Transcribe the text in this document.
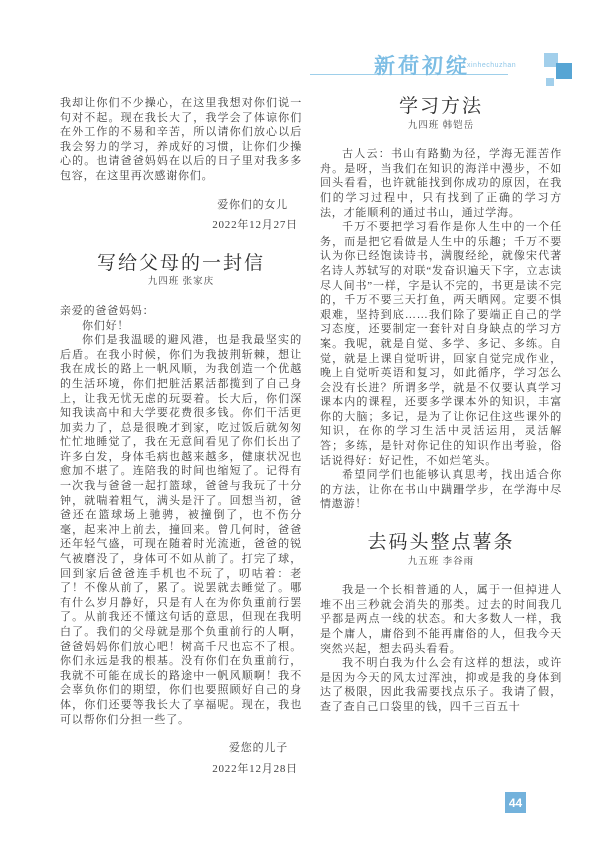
新荷初绽
xinhechuzhan

我却让你们不少操心，在这里我想对你们说一句对不起。现在我长大了，我学会了体谅你们在外工作的不易和辛苦，所以请你们放心以后我会努力的学习，养成好的习惯，让你们少操心的。也请爸爸妈妈在以后的日子里对我多多包容，在这里再次感谢你们。

爱你们的女儿

2022年12月27日

写给父母的一封信

九四班 张家庆

亲爱的爸爸妈妈：

你们好！

你们是我温暖的避风港，也是我最坚实的后盾。在我小时候，你们为我披荆斩棘，想让我在成长的路上一帆风顺，为我创造一个优越的生活环境，你们把脏活累活都揽到了自己身上，让我无忧无虑的玩耍着。长大后，你们深知我读高中和大学要花费很多钱。你们干活更加卖力了，总是很晚才到家，吃过饭后就匆匆忙忙地睡觉了，我在无意间看见了你们长出了许多白发，身体毛病也越来越多，健康状况也愈加不堪了。连陪我的时间也缩短了。记得有一次我与爸爸一起打篮球，爸爸与我玩了十分钟，就喘着粗气，满头是汗了。回想当初，爸爸还在篮球场上驰骋，被撞倒了，也不伤分毫，起来冲上前去，撞回来。曾几何时，爸爸还年轻气盛，可现在随着时光流逝，爸爸的锐气被磨没了，身体可不如从前了。打完了球，回到家后爸爸连手机也不玩了，叨咕着：老了！不像从前了，累了。说罢就去睡觉了。哪有什么岁月静好，只是有人在为你负重前行罢了。从前我还不懂这句话的意思，但现在我明白了。我们的父母就是那个负重前行的人啊，爸爸妈妈你们放心吧！树高千尺也忘不了根。你们永远是我的根基。没有你们在负重前行，我就不可能在成长的路途中一帆风顺啊！我不会辜负你们的期望，你们也要照顾好自己的身体，你们还要等我长大了享福呢。现在，我也可以帮你们分担一些了。

爱您的儿子

2022年12月28日

学习方法

九四班 韩铠岳

古人云：书山有路勤为径，学海无涯苦作舟。是呀，当我们在知识的海洋中漫步，不如回头看看，也许就能找到你成功的原因，在我们的学习过程中，只有找到了正确的学习方法，才能顺利的通过书山，通过学海。

千万不要把学习看作是你人生中的一个任务，而是把它看做是人生中的乐趣；千万不要认为你已经饱读诗书，满腹经纶，就像宋代著名诗人苏轼写的对联“发奋识遍天下字，立志读尽人间书”一样，字是认不完的，书更是读不完的，千万不要三天打鱼，两天晒网。定要不惧艰难，坚持到底……我们除了要端正自己的学习态度，还要制定一套针对自身缺点的学习方案。我呢，就是自觉、多学、多记、多练。自觉，就是上课自觉听讲，回家自觉完成作业，晚上自觉听英语和复习，如此循序，学习怎么会没有长进？所谓多学，就是不仅要认真学习课本内的课程，还要多学课本外的知识，丰富你的大脑；多记，是为了让你记住这些课外的知识，在你的学习生活中灵活运用，灵活解答；多练，是针对你记住的知识作出考验，俗话说得好：好记性，不如烂笔头。

希望同学们也能够认真思考，找出适合你的方法，让你在书山中蹒跚学步，在学海中尽情遨游！

去码头整点薯条

九五班 李谷雨

我是一个长相普通的人，属于一但掉进人堆不出三秒就会消失的那类。过去的时间我几乎都是两点一线的状态。和大多数人一样，我是个庸人，庸俗到不能再庸俗的人，但我今天突然兴起，想去码头看看。

我不明白我为什么会有这样的想法，或许是因为今天的风太过浑浊，抑或是我的身体到达了极限，因此我需要找点乐子。我请了假，查了查自己口袋里的钱，四千三百五十

44
